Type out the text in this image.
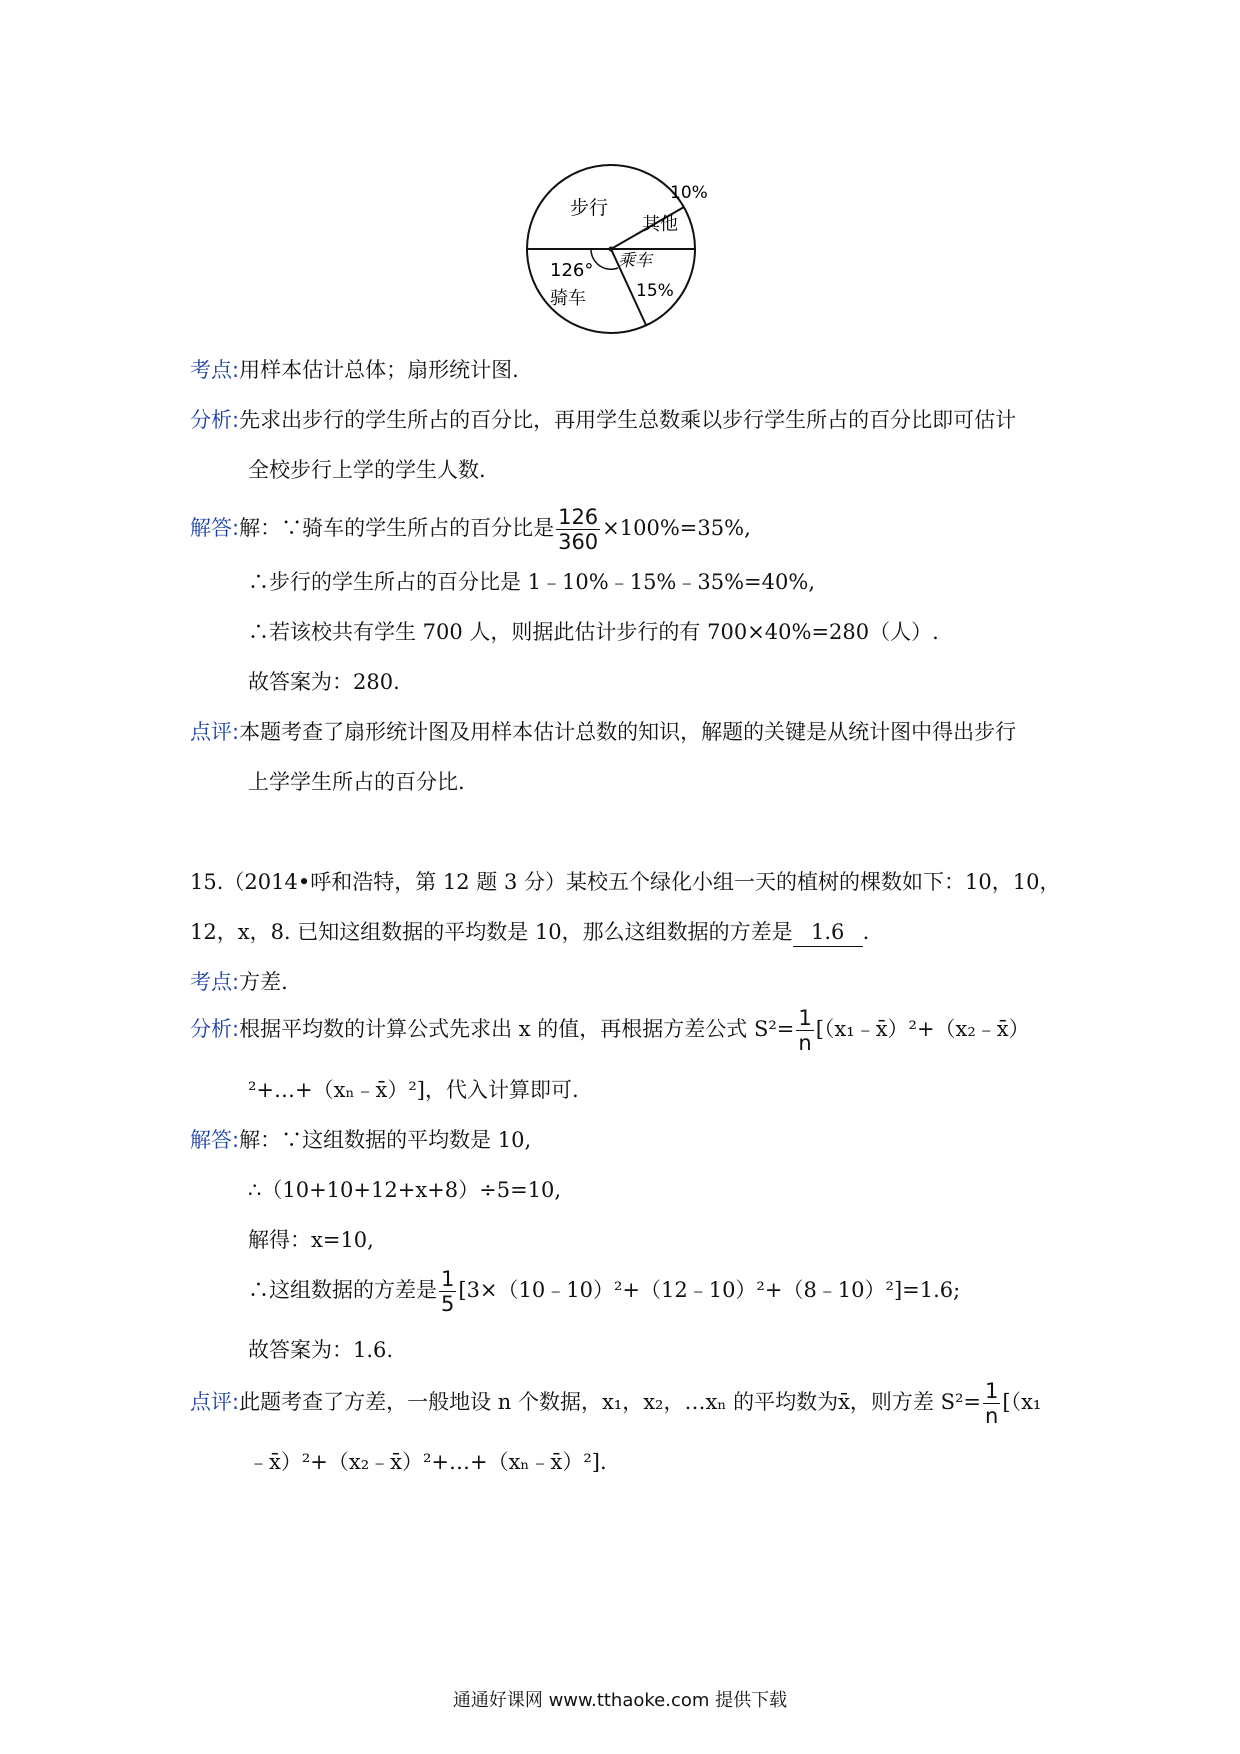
步行
10%
其他
乘车
15%
126°
骑车
考点:用样本估计总体；扇形统计图.
分析:先求出步行的学生所占的百分比，再用学生总数乘以步行学生所占的百分比即可估计
全校步行上学的学生人数.
解答:解：∵骑车的学生所占的百分比是 $\frac{126}{360} \times 100\%=35\%$,
∴步行的学生所占的百分比是 1﹣10%﹣15%﹣35%=40%,
∴若该校共有学生 700 人，则据此估计步行的有 700×40%=280（人）.
故答案为：280.
点评:本题考查了扇形统计图及用样本估计总数的知识，解题的关键是从统计图中得出步行
上学学生所占的百分比.
15.（2014•呼和浩特，第 12 题 3 分）某校五个绿化小组一天的植树的棵数如下：10，10，
12，x，8. 已知这组数据的平均数是 10，那么这组数据的方差是 1.6 .
考点:方差.
分析:根据平均数的计算公式先求出 x 的值，再根据方差公式 $S^2= \frac{1}{n}$ [（x₁﹣x̄）²+（x₂﹣x̄）
²+…+（xₙ﹣x̄）²]，代入计算即可.
解答:解：∵这组数据的平均数是 10,
∴（10+10+12+x+8）÷5=10,
解得：x=10,
∴这组数据的方差是 $\frac{1}{5}$ [3×（10﹣10）²+（12﹣10）²+（8﹣10）²]=1.6;
故答案为：1.6.
点评:此题考查了方差，一般地设 n 个数据，x₁，x₂，…xₙ 的平均数为x̄，则方差 $S^2= \frac{1}{n} [(x_1$
﹣x̄）²+（x₂﹣x̄）²+…+（xₙ﹣x̄）²].
通通好课网 www.tthaoke.com 提供下载
